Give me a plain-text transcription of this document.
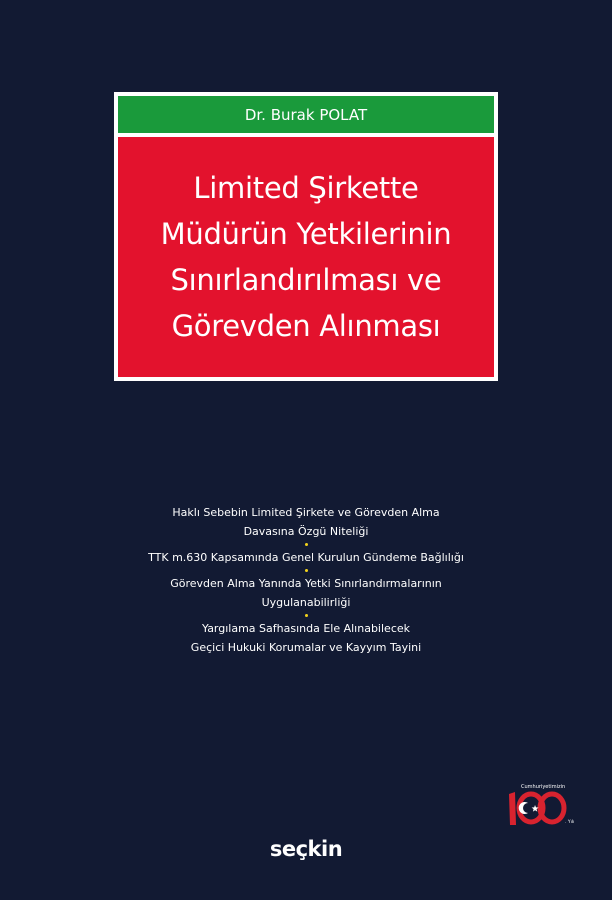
Dr. Burak POLAT
Limited Şirkette
Müdürün Yetkilerinin
Sınırlandırılması ve
Görevden Alınması
Haklı Sebebin Limited Şirkete ve Görevden Alma
Davasına Özgü Niteliği
TTK m.630 Kapsamında Genel Kurulun Gündeme Bağlılığı
Görevden Alma Yanında Yetki Sınırlandırmalarının
Uygulanabilirliği
Yargılama Safhasında Ele Alınabilecek
Geçici Hukuki Korumalar ve Kayyım Tayini
Cumhuriyetimizin
. Yılı
seçkin
